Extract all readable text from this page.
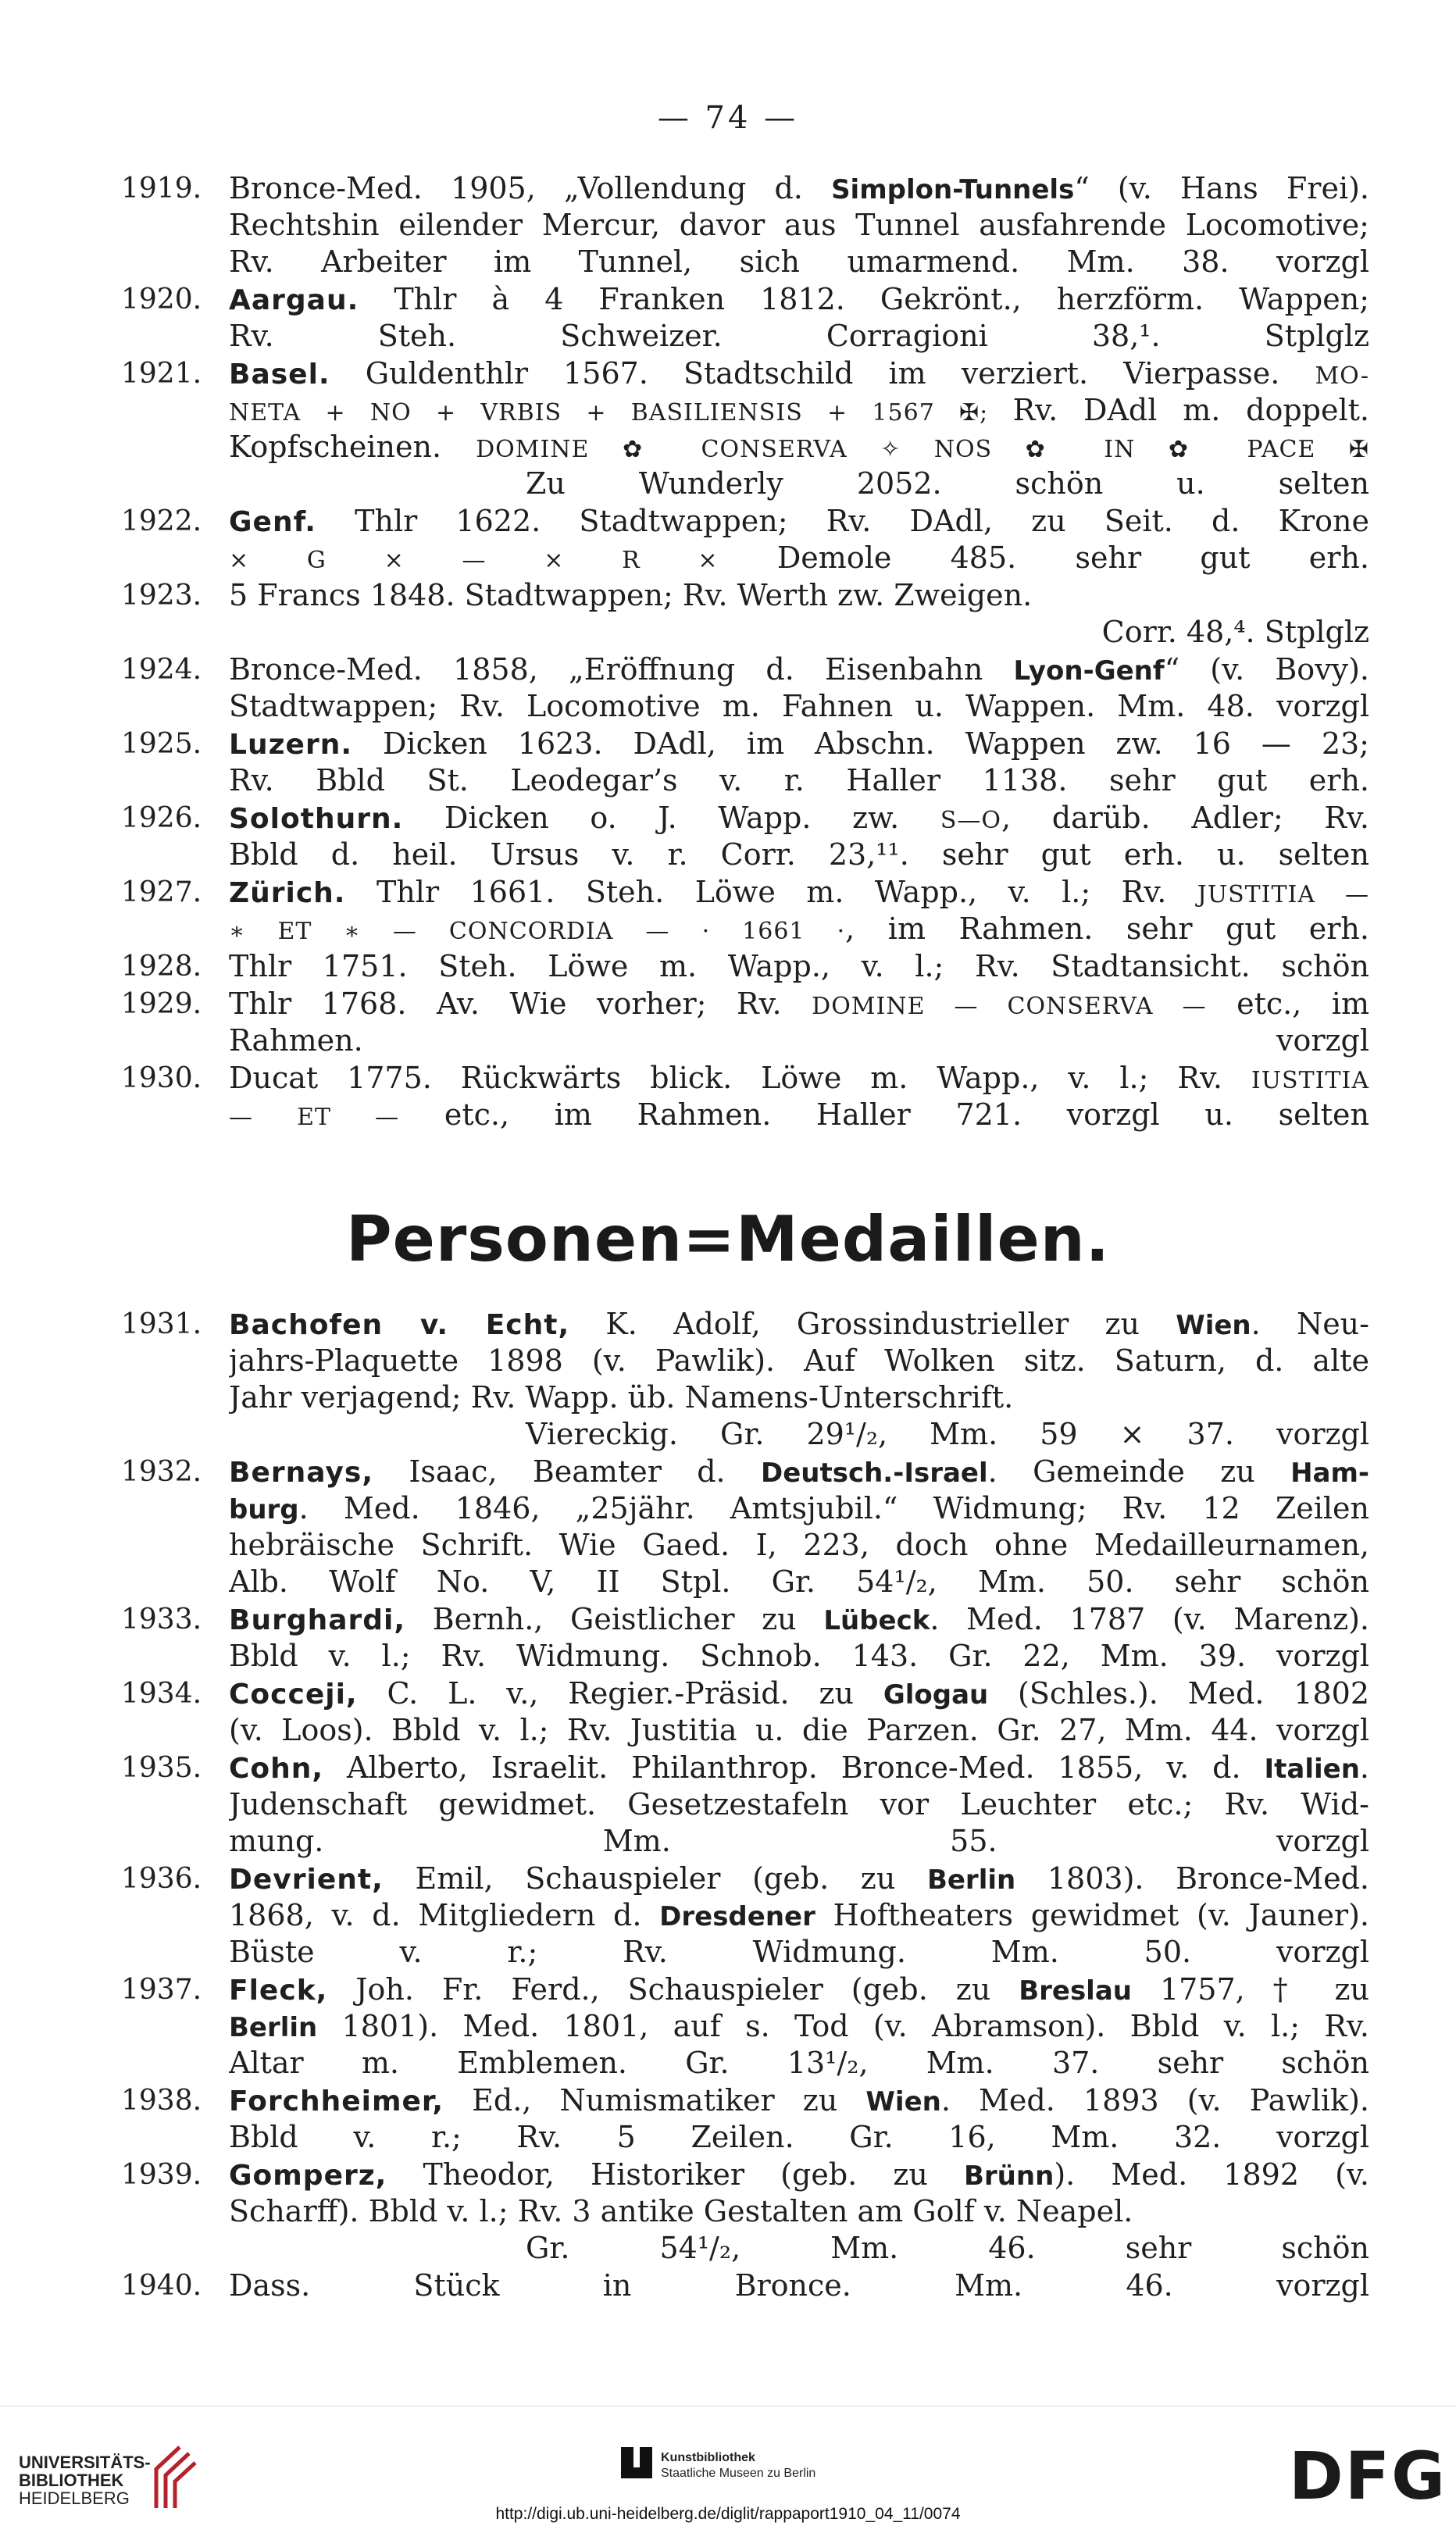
— 74 —
1919. Bronce-Med. 1905, „Vollendung d. Simplon-Tunnels“ (v. Hans Frei).
Rechtshin eilender Mercur, davor aus Tunnel ausfahrende Locomotive;
Rv. Arbeiter im Tunnel, sich umarmend. Mm. 38. vorzgl
1920. Aargau. Thlr à 4 Franken 1812. Gekrönt., herzförm. Wappen;
Rv. Steh. Schweizer. Corragioni 38,¹. Stplglz
1921. Basel. Guldenthlr 1567. Stadtschild im verziert. Vierpasse. MO-
NETA + NO + VRBIS + BASILIENSIS + 1567 ✠; Rv. DAdl m. doppelt.
Kopfscheinen. DOMINE ✿ CONSERVA ✧ NOS ✿ IN ✿ PACE ✠
Zu Wunderly 2052. schön u. selten
1922. Genf. Thlr 1622. Stadtwappen; Rv. DAdl, zu Seit. d. Krone
× G × — × R × Demole 485. sehr gut erh.
1923. 5 Francs 1848. Stadtwappen; Rv. Werth zw. Zweigen.
Corr. 48,⁴. Stplglz
1924. Bronce-Med. 1858, „Eröffnung d. Eisenbahn Lyon-Genf“ (v. Bovy).
Stadtwappen; Rv. Locomotive m. Fahnen u. Wappen. Mm. 48. vorzgl
1925. Luzern. Dicken 1623. DAdl, im Abschn. Wappen zw. 16 — 23;
Rv. Bbld St. Leodegar’s v. r. Haller 1138. sehr gut erh.
1926. Solothurn. Dicken o. J. Wapp. zw. S—O, darüb. Adler; Rv.
Bbld d. heil. Ursus v. r. Corr. 23,¹¹. sehr gut erh. u. selten
1927. Zürich. Thlr 1661. Steh. Löwe m. Wapp., v. l.; Rv. JUSTITIA —
∗ ET ∗ — CONCORDIA — · 1661 ·, im Rahmen. sehr gut erh.
1928. Thlr 1751. Steh. Löwe m. Wapp., v. l.; Rv. Stadtansicht. schön
1929. Thlr 1768. Av. Wie vorher; Rv. DOMINE — CONSERVA — etc., im
Rahmen.	vorzgl
1930. Ducat 1775. Rückwärts blick. Löwe m. Wapp., v. l.; Rv. IUSTITIA
— ET — etc., im Rahmen. Haller 721. vorzgl u. selten
Personen=Medaillen.
1931. Bachofen v. Echt, K. Adolf, Grossindustrieller zu Wien. Neu-
jahrs-Plaquette 1898 (v. Pawlik). Auf Wolken sitz. Saturn, d. alte
Jahr verjagend; Rv. Wapp. üb. Namens-Unterschrift.
Viereckig. Gr. 29¹/₂, Mm. 59 × 37. vorzgl
1932. Bernays, Isaac, Beamter d. Deutsch.-Israel. Gemeinde zu Ham-
burg. Med. 1846, „25jähr. Amtsjubil.“ Widmung; Rv. 12 Zeilen
hebräische Schrift. Wie Gaed. I, 223, doch ohne Medailleurnamen,
Alb. Wolf No. V, II Stpl. Gr. 54¹/₂, Mm. 50. sehr schön
1933. Burghardi, Bernh., Geistlicher zu Lübeck. Med. 1787 (v. Marenz).
Bbld v. l.; Rv. Widmung. Schnob. 143. Gr. 22, Mm. 39. vorzgl
1934. Cocceji, C. L. v., Regier.-Präsid. zu Glogau (Schles.). Med. 1802
(v. Loos). Bbld v. l.; Rv. Justitia u. die Parzen. Gr. 27, Mm. 44. vorzgl
1935. Cohn, Alberto, Israelit. Philanthrop. Bronce-Med. 1855, v. d. Italien.
Judenschaft gewidmet. Gesetzestafeln vor Leuchter etc.; Rv. Wid-
mung. Mm. 55. vorzgl
1936. Devrient, Emil, Schauspieler (geb. zu Berlin 1803). Bronce-Med.
1868, v. d. Mitgliedern d. Dresdener Hoftheaters gewidmet (v. Jauner).
Büste v. r.; Rv. Widmung. Mm. 50. vorzgl
1937. Fleck, Joh. Fr. Ferd., Schauspieler (geb. zu Breslau 1757, † zu
Berlin 1801). Med. 1801, auf s. Tod (v. Abramson). Bbld v. l.; Rv.
Altar m. Emblemen. Gr. 13¹/₂, Mm. 37. sehr schön
1938. Forchheimer, Ed., Numismatiker zu Wien. Med. 1893 (v. Pawlik).
Bbld v. r.; Rv. 5 Zeilen. Gr. 16, Mm. 32. vorzgl
1939. Gomperz, Theodor, Historiker (geb. zu Brünn). Med. 1892 (v.
Scharff). Bbld v. l.; Rv. 3 antike Gestalten am Golf v. Neapel.
Gr. 54¹/₂, Mm. 46. sehr schön
1940. Dass. Stück in Bronce. Mm. 46. vorzgl
UNIVERSITÄTS-
BIBLIOTHEK
HEIDELBERG
Kunstbibliothek
Staatliche Museen zu Berlin	DFG
http://digi.ub.uni-heidelberg.de/diglit/rappaport1910_04_11/0074
